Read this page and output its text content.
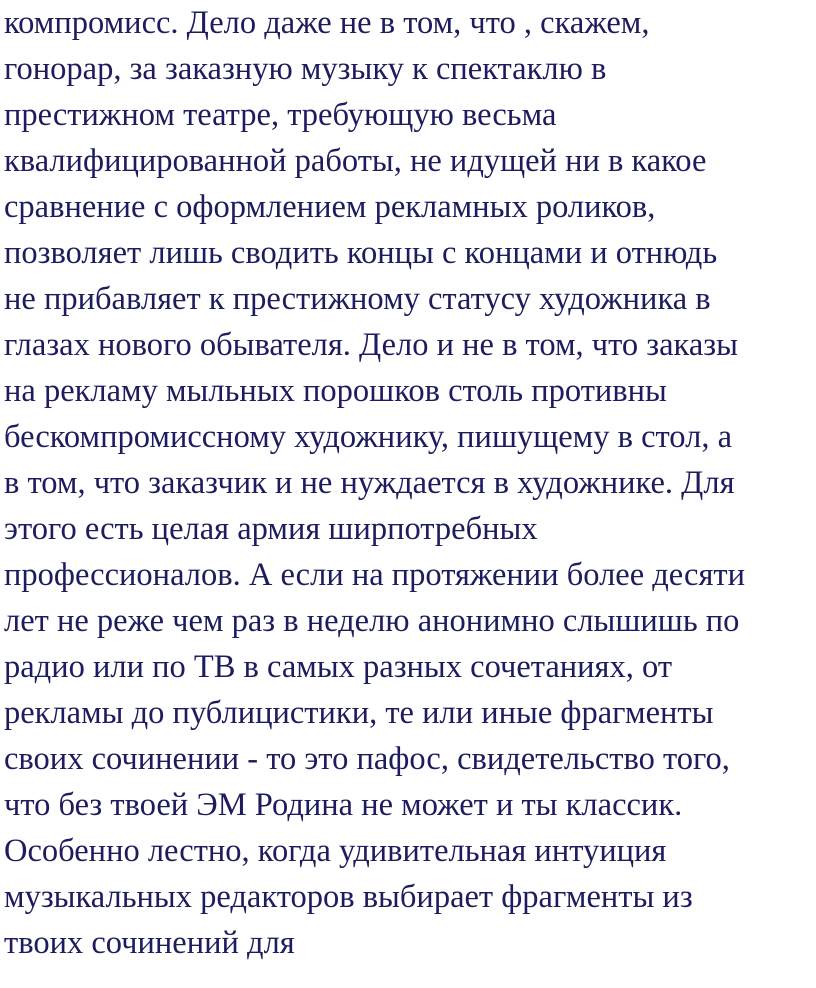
компромисс. Дело даже не в том, что , скажем,
гонорар, за заказную музыку к спектаклю в
престижном театре, требующую весьма
квалифицированной работы, не идущей ни в какое
сравнение с оформлением рекламных роликов,
позволяет лишь сводить концы с концами и отнюдь
не прибавляет к престижному статусу художника в
глазах нового обывателя. Дело и не в том, что заказы
на рекламу мыльных порошков столь противны
бескомпромиссному художнику, пишущему в стол, а
в том, что заказчик и не нуждается в художнике. Для
этого есть целая армия ширпотребных
профессионалов. А если на протяжении более десяти
лет не реже чем раз в неделю анонимно слышишь по
радио или по ТВ в самых разных сочетаниях, от
рекламы до публицистики, те или иные фрагменты
своих сочинении - то это пафос, свидетельство того,
что без твоей ЭМ Родина не может и ты классик.
Особенно лестно, когда удивительная интуиция
музыкальных редакторов выбирает фрагменты из
твоих сочинений для
